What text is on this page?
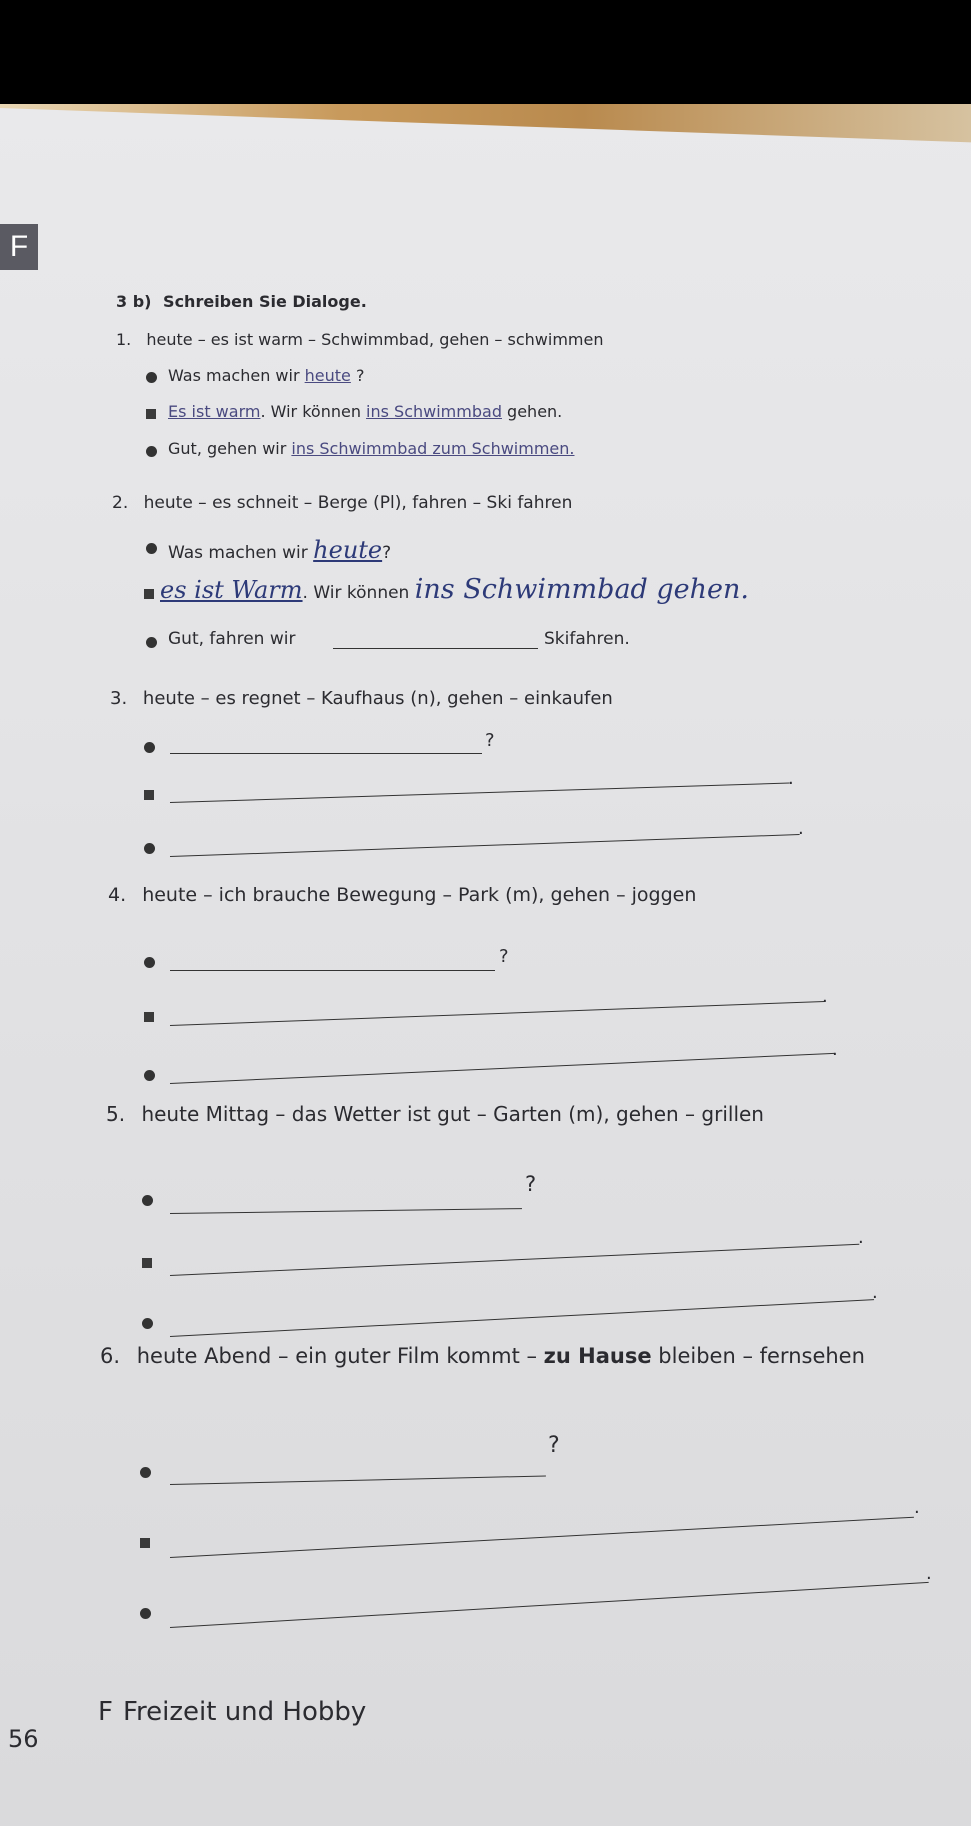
F
3 b) Schreiben Sie Dialoge.
1. heute – es ist warm – Schwimmbad, gehen – schwimmen
Was machen wir heute ?
Es ist warm. Wir können ins Schwimmbad gehen.
Gut, gehen wir ins Schwimmbad zum Schwimmen.
2. heute – es schneit – Berge (Pl), fahren – Ski fahren
Was machen wir heute?
es ist Warm. Wir können ins Schwimmbad gehen.
Gut, fahren wir	Skifahren.
3. heute – es regnet – Kaufhaus (n), gehen – einkaufen
?
.
.
4. heute – ich brauche Bewegung – Park (m), gehen – joggen
?
.
.
5. heute Mittag – das Wetter ist gut – Garten (m), gehen – grillen
?
.
.
6. heute Abend – ein guter Film kommt – zu Hause bleiben – fernsehen
?
.
.
56
F Freizeit und Hobby
